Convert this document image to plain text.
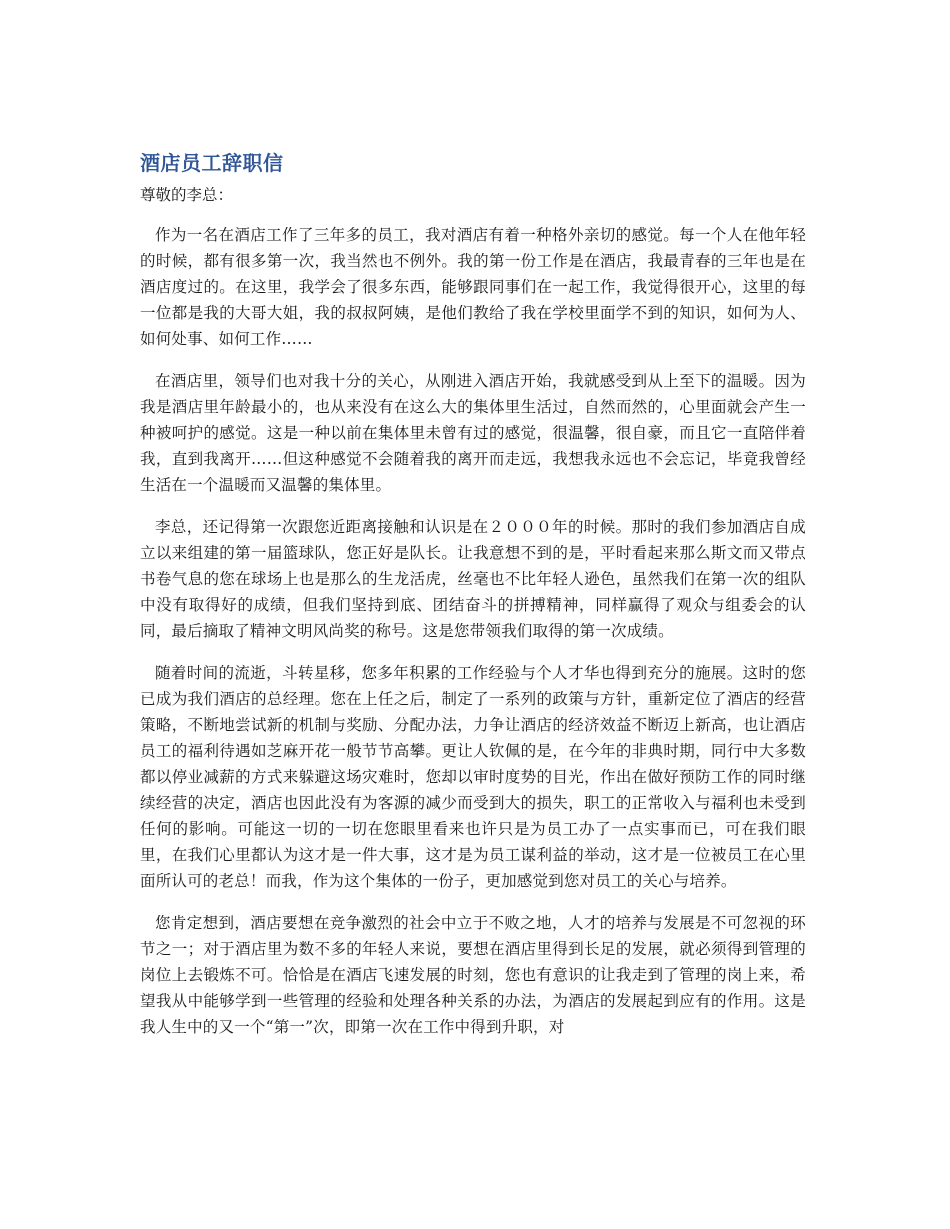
酒店员工辞职信

尊敬的李总：

作为一名在酒店工作了三年多的员工，我对酒店有着一种格外亲切的感觉。每一个人在他年轻的时候，都有很多第一次，我当然也不例外。我的第一份工作是在酒店，我最青春的三年也是在酒店度过的。在这里，我学会了很多东西，能够跟同事们在一起工作，我觉得很开心，这里的每一位都是我的大哥大姐，我的叔叔阿姨，是他们教给了我在学校里面学不到的知识，如何为人、如何处事、如何工作……

在酒店里，领导们也对我十分的关心，从刚进入酒店开始，我就感受到从上至下的温暖。因为我是酒店里年龄最小的，也从来没有在这么大的集体里生活过，自然而然的，心里面就会产生一种被呵护的感觉。这是一种以前在集体里未曾有过的感觉，很温馨，很自豪，而且它一直陪伴着我，直到我离开……但这种感觉不会随着我的离开而走远，我想我永远也不会忘记，毕竟我曾经生活在一个温暖而又温馨的集体里。

李总，还记得第一次跟您近距离接触和认识是在２０００年的时候。那时的我们参加酒店自成立以来组建的第一届篮球队，您正好是队长。让我意想不到的是，平时看起来那么斯文而又带点书卷气息的您在球场上也是那么的生龙活虎，丝毫也不比年轻人逊色，虽然我们在第一次的组队中没有取得好的成绩，但我们坚持到底、团结奋斗的拼搏精神，同样赢得了观众与组委会的认同，最后摘取了精神文明风尚奖的称号。这是您带领我们取得的第一次成绩。

随着时间的流逝，斗转星移，您多年积累的工作经验与个人才华也得到充分的施展。这时的您已成为我们酒店的总经理。您在上任之后，制定了一系列的政策与方针，重新定位了酒店的经营策略，不断地尝试新的机制与奖励、分配办法，力争让酒店的经济效益不断迈上新高，也让酒店员工的福利待遇如芝麻开花一般节节高攀。更让人钦佩的是，在今年的非典时期，同行中大多数都以停业减薪的方式来躲避这场灾难时，您却以审时度势的目光，作出在做好预防工作的同时继续经营的决定，酒店也因此没有为客源的减少而受到大的损失，职工的正常收入与福利也未受到任何的影响。可能这一切的一切在您眼里看来也许只是为员工办了一点实事而已，可在我们眼里，在我们心里都认为这才是一件大事，这才是为员工谋利益的举动，这才是一位被员工在心里面所认可的老总！而我，作为这个集体的一份子，更加感觉到您对员工的关心与培养。

您肯定想到，酒店要想在竞争激烈的社会中立于不败之地，人才的培养与发展是不可忽视的环节之一；对于酒店里为数不多的年轻人来说，要想在酒店里得到长足的发展，就必须得到管理的岗位上去锻炼不可。恰恰是在酒店飞速发展的时刻，您也有意识的让我走到了管理的岗上来，希望我从中能够学到一些管理的经验和处理各种关系的办法，为酒店的发展起到应有的作用。这是我人生中的又一个“第一”次，即第一次在工作中得到升职，对
